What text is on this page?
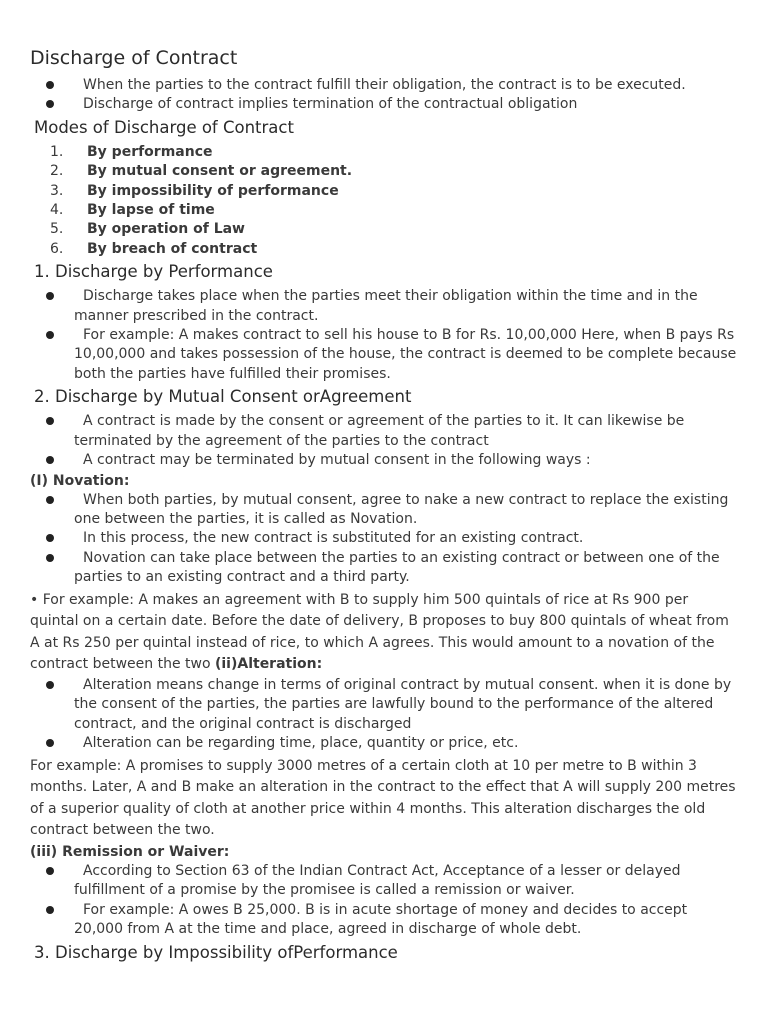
Discharge of Contract
When the parties to the contract fulfill their obligation, the contract is to be executed.
Discharge of contract implies termination of the contractual obligation
Modes of Discharge of Contract
1. By performance
2. By mutual consent or agreement.
3. By impossibility of performance
4. By lapse of time
5. By operation of Law
6. By breach of contract
1. Discharge by Performance
Discharge takes place when the parties meet their obligation within the time and in the manner prescribed in the contract.
For example: A makes contract to sell his house to B for Rs. 10,00,000 Here, when B pays Rs 10,00,000 and takes possession of the house, the contract is deemed to be complete because both the parties have fulfilled their promises.
2. Discharge by Mutual Consent orAgreement
A contract is made by the consent or agreement of the parties to it. It can likewise be terminated by the agreement of the parties to the contract
A contract may be terminated by mutual consent in the following ways :

(I) Novation:

When both parties, by mutual consent, agree to nake a new contract to replace the existing one between the parties, it is called as Novation.
In this process, the new contract is substituted for an existing contract.
Novation can take place between the parties to an existing contract or between one of the parties to an existing contract and a third party.

• For example: A makes an agreement with B to supply him 500 quintals of rice at Rs 900 per quintal on a certain date. Before the date of delivery, B proposes to buy 800 quintals of wheat from A at Rs 250 per quintal instead of rice, to which A agrees. This would amount to a novation of the contract between the two (ii)Alteration:

Alteration means change in terms of original contract by mutual consent. when it is done by the consent of the parties, the parties are lawfully bound to the performance of the altered contract, and the original contract is discharged
Alteration can be regarding time, place, quantity or price, etc.

For example: A promises to supply 3000 metres of a certain cloth at 10 per metre to B within 3 months. Later, A and B make an alteration in the contract to the effect that A will supply 200 metres of a superior quality of cloth at another price within 4 months. This alteration discharges the old contract between the two.

(iii) Remission or Waiver:

According to Section 63 of the Indian Contract Act, Acceptance of a lesser or delayed fulfillment of a promise by the promisee is called a remission or waiver.
For example: A owes B 25,000. B is in acute shortage of money and decides to accept 20,000 from A at the time and place, agreed in discharge of whole debt.
3. Discharge by Impossibility ofPerformance
